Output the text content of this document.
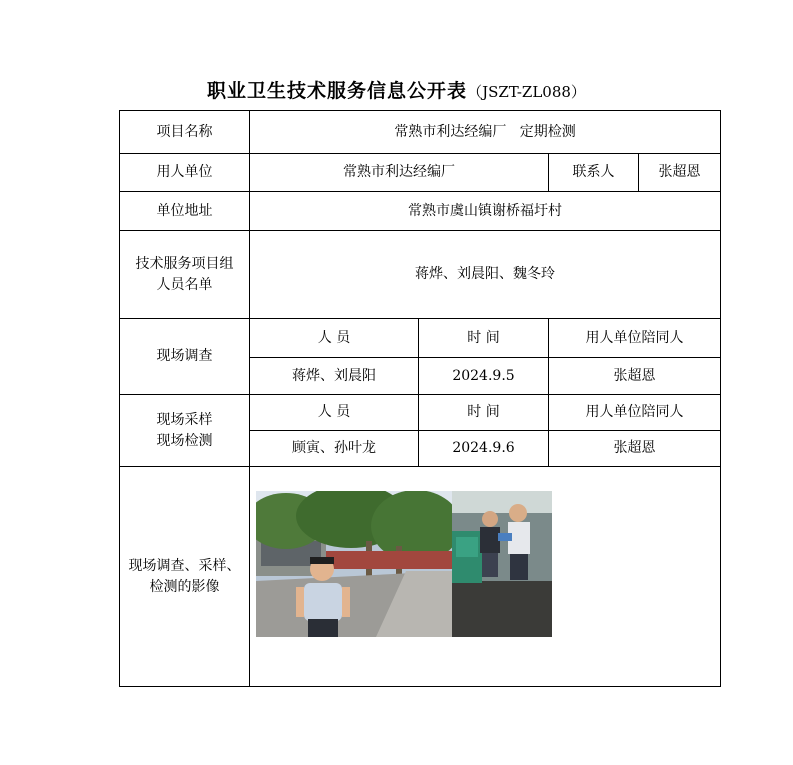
职业卫生技术服务信息公开表（JSZT-ZL088）
项目名称	常熟市利达经编厂   定期检测			
用人单位	常熟市利达经编厂		联系人	张超恩
单位地址	常熟市虞山镇谢桥福圩村			

技术服务项目组
人员名单	蒋烨、刘晨阳、魏冬玲			
现场调查	人 员	时 间	用人单位陪同人	
	蒋烨、刘晨阳	2024.9.5	张超恩	

现场采样
现场检测	人 员	时 间	用人单位陪同人	
	顾寅、孙叶龙	2024.9.6	张超恩	

现场调查、采样、
检测的影像
